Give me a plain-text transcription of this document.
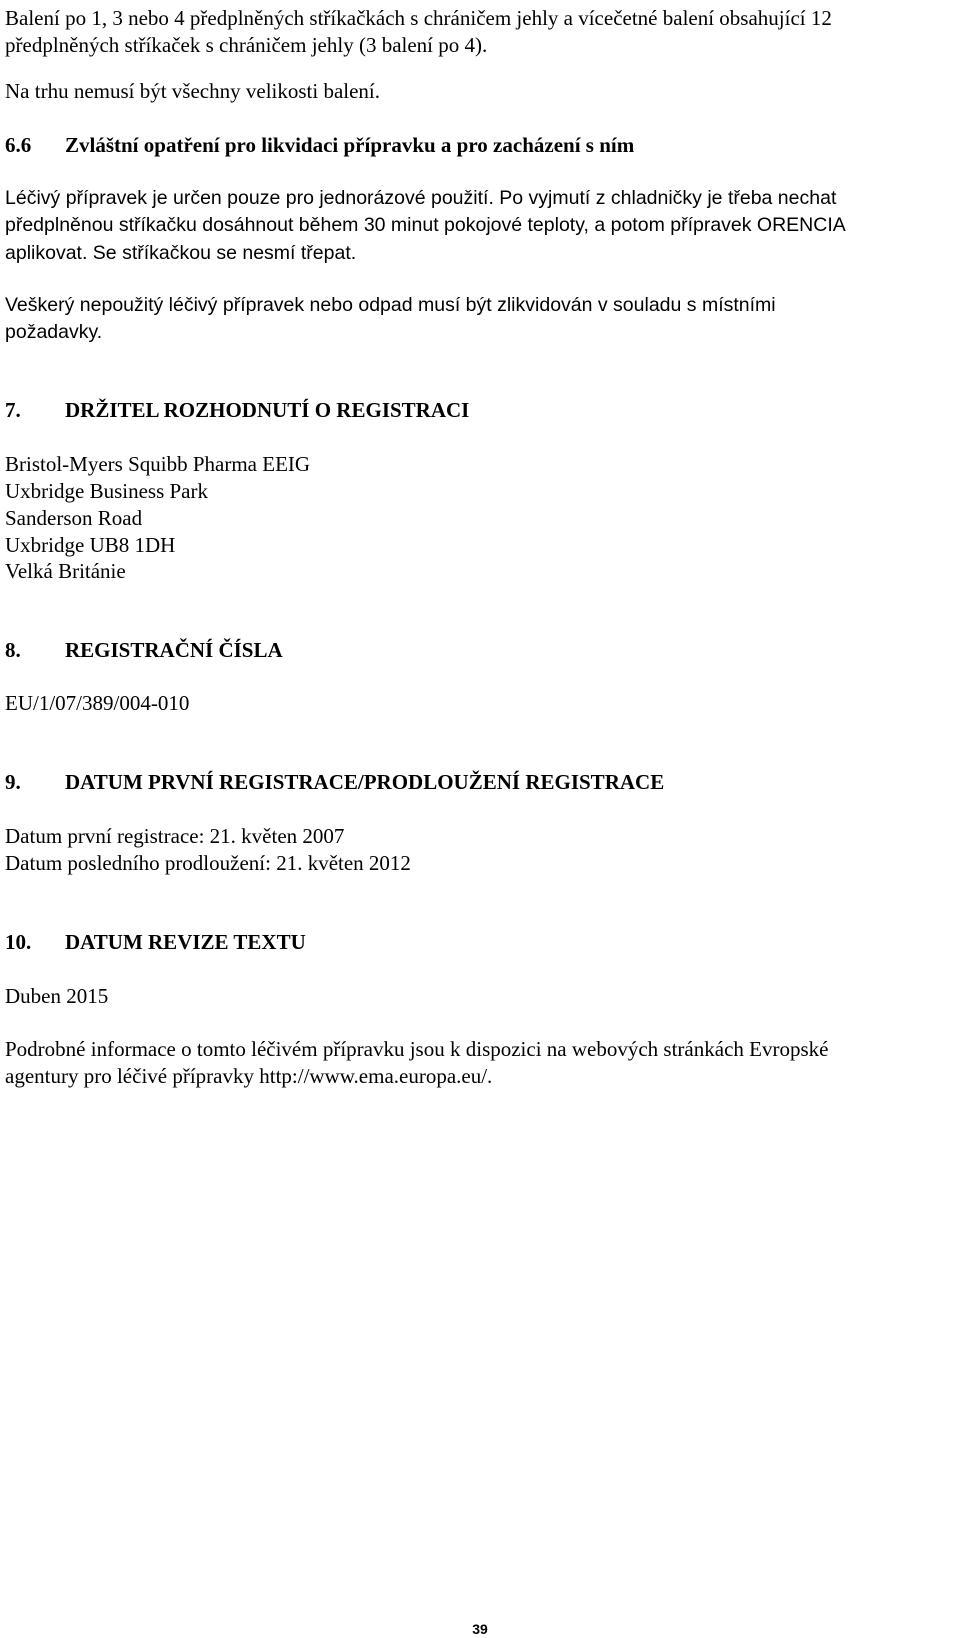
Balení po 1, 3 nebo 4 předplněných stříkačkách s chráničem jehly a vícečetné balení obsahující 12
předplněných stříkaček s chráničem jehly (3 balení po 4).
Na trhu nemusí být všechny velikosti balení.
6.6 Zvláštní opatření pro likvidaci přípravku a pro zacházení s ním
Léčivý přípravek je určen pouze pro jednorázové použití. Po vyjmutí z chladničky je třeba nechat
předplněnou stříkačku dosáhnout během 30 minut pokojové teploty, a potom přípravek ORENCIA
aplikovat. Se stříkačkou se nesmí třepat.
Veškerý nepoužitý léčivý přípravek nebo odpad musí být zlikvidován v souladu s místními
požadavky.
7. DRŽITEL ROZHODNUTÍ O REGISTRACI
Bristol-Myers Squibb Pharma EEIG
Uxbridge Business Park
Sanderson Road
Uxbridge UB8 1DH
Velká Británie
8. REGISTRAČNÍ ČÍSLA
EU/1/07/389/004-010
9. DATUM PRVNÍ REGISTRACE/PRODLOUŽENÍ REGISTRACE
Datum první registrace: 21. květen 2007
Datum posledního prodloužení: 21. květen 2012
10. DATUM REVIZE TEXTU
Duben 2015
Podrobné informace o tomto léčivém přípravku jsou k dispozici na webových stránkách Evropské
agentury pro léčivé přípravky http://www.ema.europa.eu/.
39
